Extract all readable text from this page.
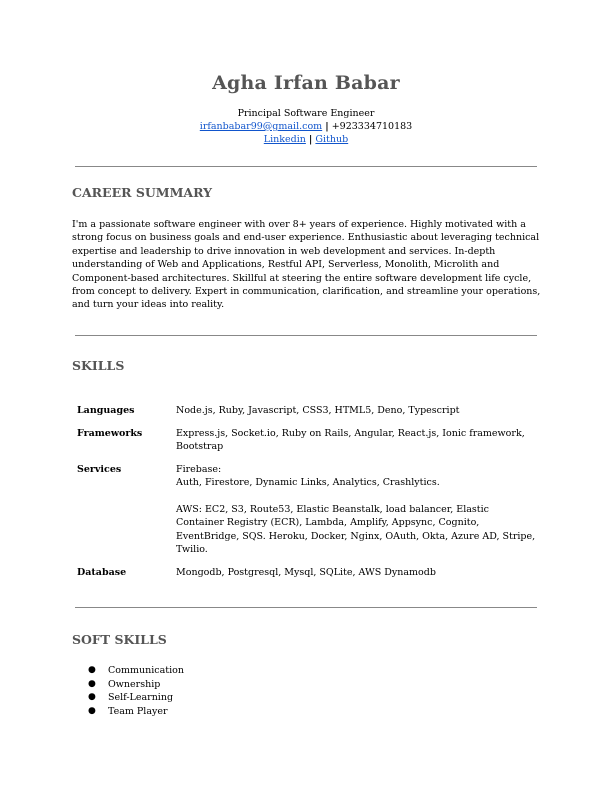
Agha Irfan Babar
Principal Software Engineer
irfanbabar99@gmail.com | +923334710183
Linkedin | Github
CAREER SUMMARY
I'm a passionate software engineer with over 8+ years of experience. Highly motivated with a strong focus on business goals and end-user experience. Enthusiastic about leveraging technical expertise and leadership to drive innovation in web development and services. In-depth understanding of Web and Applications, Restful API, Serverless, Monolith, Microlith and Component-based architectures. Skillful at steering the entire software development life cycle, from concept to delivery. Expert in communication, clarification, and streamline your operations, and turn your ideas into reality.
SKILLS
Languages	Node.js, Ruby, Javascript, CSS3, HTML5, Deno, Typescript

Frameworks	Express.js, Socket.io, Ruby on Rails, Angular, React.js, Ionic framework, Bootstrap

Services	Firebase:
Auth, Firestore, Dynamic Links, Analytics, Crashlytics.
AWS: EC2, S3, Route53, Elastic Beanstalk, load balancer, Elastic Container Registry (ECR), Lambda, Amplify, Appsync, Cognito, EventBridge, SQS. Heroku, Docker, Nginx, OAuth, Okta, Azure AD, Stripe, Twilio.

Database	Mongodb, Postgresql, Mysql, SQLite, AWS Dynamodb
SOFT SKILLS
● Communication
● Ownership
● Self-Learning
● Team Player
